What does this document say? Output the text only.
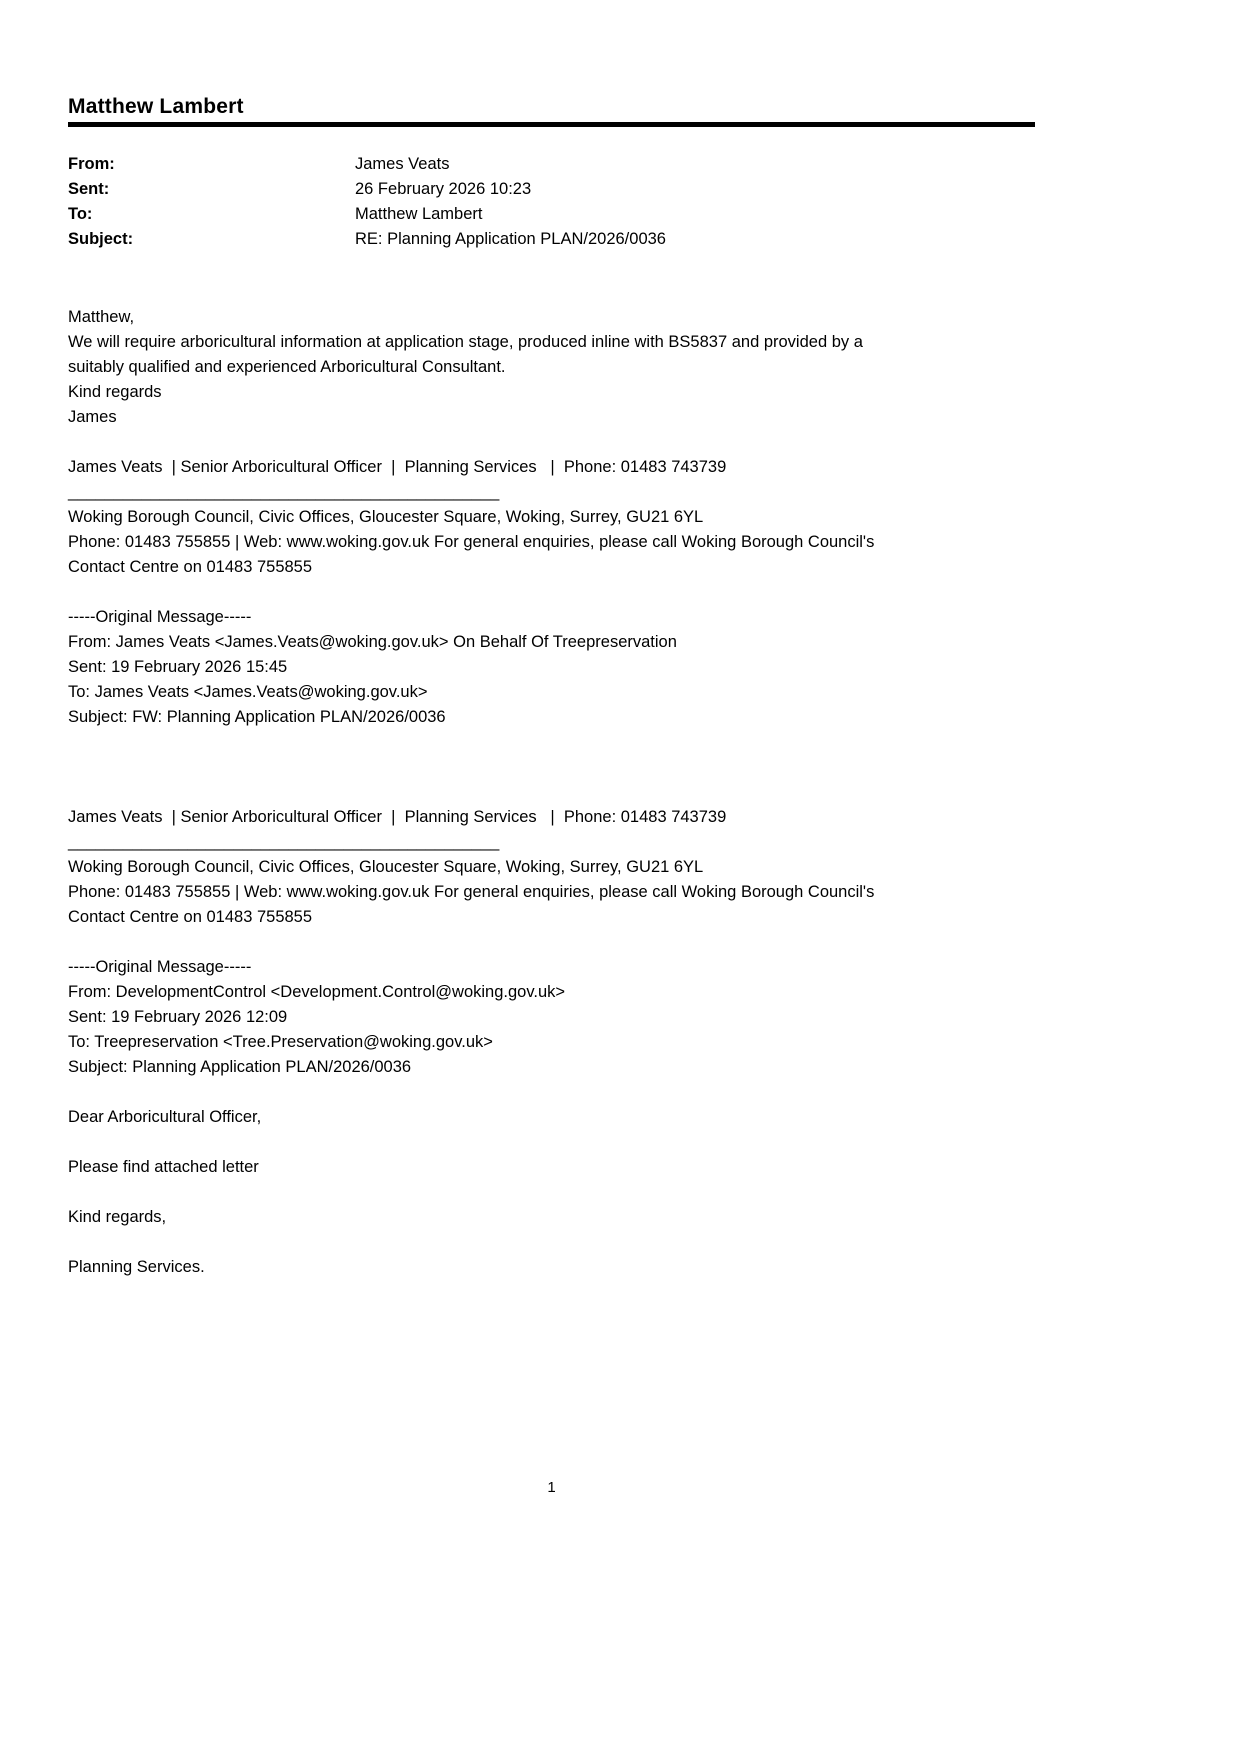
Matthew Lambert
From:	James Veats
Sent:	26 February 2026 10:23
To:	Matthew Lambert
Subject:	RE: Planning Application PLAN/2026/0036
Matthew,
We will require arboricultural information at application stage, produced inline with BS5837 and provided by a
suitably qualified and experienced Arboricultural Consultant.
Kind regards
James

James Veats  | Senior Arboricultural Officer  |  Planning Services   |  Phone: 01483 743739
_______________________________________________
Woking Borough Council, Civic Offices, Gloucester Square, Woking, Surrey, GU21 6YL
Phone: 01483 755855 | Web: www.woking.gov.uk For general enquiries, please call Woking Borough Council's
Contact Centre on 01483 755855

-----Original Message-----
From: James Veats <James.Veats@woking.gov.uk> On Behalf Of Treepreservation
Sent: 19 February 2026 15:45
To: James Veats <James.Veats@woking.gov.uk>
Subject: FW: Planning Application PLAN/2026/0036

James Veats  | Senior Arboricultural Officer  |  Planning Services   |  Phone: 01483 743739
_______________________________________________
Woking Borough Council, Civic Offices, Gloucester Square, Woking, Surrey, GU21 6YL
Phone: 01483 755855 | Web: www.woking.gov.uk For general enquiries, please call Woking Borough Council's
Contact Centre on 01483 755855

-----Original Message-----
From: DevelopmentControl <Development.Control@woking.gov.uk>
Sent: 19 February 2026 12:09
To: Treepreservation <Tree.Preservation@woking.gov.uk>
Subject: Planning Application PLAN/2026/0036

Dear Arboricultural Officer,

Please find attached letter

Kind regards,

Planning Services.
1
